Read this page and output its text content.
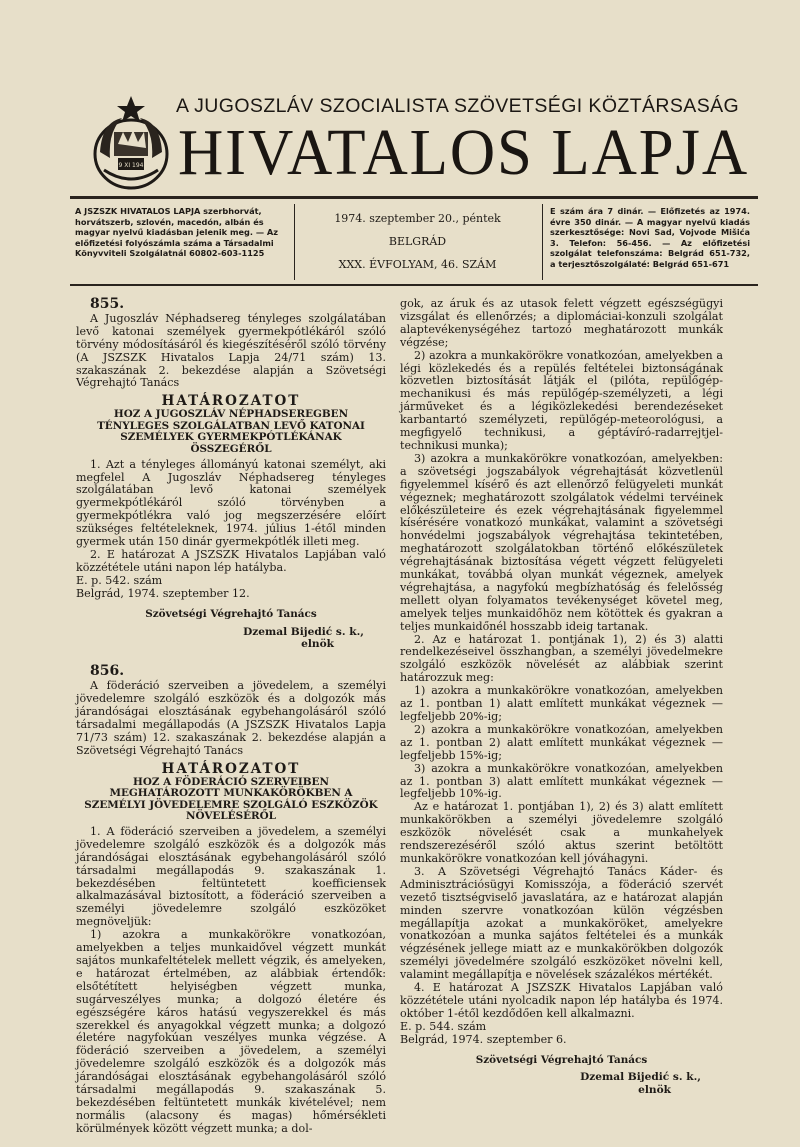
29 XI 1943
A JUGOSZLÁV SZOCIALISTA SZÖVETSÉGI KÖZTÁRSASÁG
HIVATALOS LAPJA
A JSZSZK HIVATALOS LAPJA szerbhorvát, horvátszerb, szlovén, macedón, albán és magyar nyelvű kiadásban jelenik meg. — Az előfizetési folyószámla száma a Társadalmi Könyvviteli Szolgálatnál 60802-603-1125
1974. szeptember 20., péntek
BELGRÁD
XXX. ÉVFOLYAM, 46. SZÁM
E szám ára 7 dinár. — Előfizetés az 1974. évre 350 dinár. — A magyar nyelvű kiadás szerkesztősége: Novi Sad, Vojvode Mišića 3. Telefon: 56-456. — Az előfizetési szolgálat telefonszáma: Belgrád 651-732, a terjesztőszolgálaté: Belgrád 651-671
855.

A Jugoszláv Néphadsereg tényleges szolgálatában levő katonai személyek gyermekpótlékáról szóló törvény módosításáról és kiegészítéséről szóló törvény (A JSZSZK Hivatalos Lapja 24/71 szám) 13. szakaszának 2. bekezdése alapján a Szövetségi Végrehajtó Tanács

HATÁROZATOT
HOZ A JUGOSZLÁV NÉPHADSEREGBEN TÉNYLEGES SZOLGÁLATBAN LEVŐ KATONAI SZEMÉLYEK GYERMEKPÓTLÉKÁNAK ÖSSZEGÉRŐL

1. Azt a tényleges állományú katonai személyt, aki megfelel A Jugoszláv Néphadsereg tényleges szolgálatában levő katonai személyek gyermekpótlékáról szóló törvényben a gyermekpótlékra való jog megszerzésére előírt szükséges feltételeknek, 1974. július 1-étől minden gyermek után 150 dinár gyermekpótlék illeti meg.

2. E határozat A JSZSZK Hivatalos Lapjában való közzététele utáni napon lép hatályba.

E. p. 542. szám

Belgrád, 1974. szeptember 12.

Szövetségi Végrehajtó Tanács
Dzemal Bijedić s. k.,
elnök
856.

A föderáció szerveiben a jövedelem, a személyi jövedelemre szolgáló eszközök és a dolgozók más járandóságai elosztásának egybehangolásáról szóló társadalmi megállapodás (A JSZSZK Hivatalos Lapja 71/73 szám) 12. szakaszának 2. bekezdése alapján a Szövetségi Végrehajtó Tanács

HATÁROZATOT
HOZ A FÖDERÁCIÓ SZERVEIBEN MEGHATÁROZOTT MUNKAKÖRÖKBEN A SZEMÉLYI JÖVEDELEMRE SZOLGÁLÓ ESZKÖZÖK NÖVELÉSÉRŐL

1. A föderáció szerveiben a jövedelem, a személyi jövedelemre szolgáló eszközök és a dolgozók más járandóságai elosztásának egybehangolásáról szóló társadalmi megállapodás 9. szakaszának 1. bekezdésében feltüntetett koefficiensek alkalmazásával biztosított, a föderáció szerveiben a személyi jövedelemre szolgáló eszközöket megnöveljük:

1) azokra a munkakörökre vonatkozóan, amelyekben a teljes munkaidővel végzett munkát sajátos munkafeltételek mellett végzik, és amelyeken, e határozat értelmében, az alábbiak értendők: elsőtétített helyiségben végzett munka, sugárveszélyes munka; a dolgozó életére és egészségére káros hatású vegyszerekkel és más szerekkel és anyagokkal végzett munka; a dolgozó életére nagyfokúan veszélyes munka végzése. A föderáció szerveiben a jövedelem, a személyi jövedelemre szolgáló eszközök és a dolgozók más járandóságai elosztásának egybehangolásáról szóló társadalmi megállapodás 9. szakaszának 5. bekezdésében feltüntetett munkák kivételével; nem normális (alacsony és magas) hőmérsékleti körülmények között végzett munka; a dol-

gok, az áruk és az utasok felett végzett egészségügyi vizsgálat és ellenőrzés; a diplomáciai-konzuli szolgálat alaptevékenységéhez tartozó meghatározott munkák végzése;

2) azokra a munkakörökre vonatkozóan, amelyekben a légi közlekedés és a repülés feltételei biztonságának közvetlen biztosítását látják el (pilóta, repülőgép-mechanikusi és más repülőgép-személyzeti, a légi járműveket és a légiközlekedési berendezéseket karbantartó személyzeti, repülőgép-meteorológusi, a megfigyelő technikusi, a géptávíró-radarrejtjel-technikusi munka);

3) azokra a munkakörökre vonatkozóan, amelyekben: a szövetségi jogszabályok végrehajtását közvetlenül figyelemmel kísérő és azt ellenőrző felügyeleti munkát végeznek; meghatározott szolgálatok védelmi tervéinek előkészületeire és ezek végrehajtásának figyelemmel kísérésére vonatkozó munkákat, valamint a szövetségi honvédelmi jogszabályok végrehajtása tekintetében, meghatározott szolgálatokban történő előkészületek végrehajtásának biztosítása végett végzett felügyeleti munkákat, továbbá olyan munkát végeznek, amelyek végrehajtása, a nagyfokú megbízhatóság és felelősség mellett olyan folyamatos tevékenységet követel meg, amelyek teljes munkaidőhöz nem kötöttek és gyakran a teljes munkaidőnél hosszabb ideig tartanak.

2. Az e határozat 1. pontjának 1), 2) és 3) alatti rendelkezéseivel összhangban, a személyi jövedelmekre szolgáló eszközök növelését az alábbiak szerint határozzuk meg:

1) azokra a munkakörökre vonatkozóan, amelyekben az 1. pontban 1) alatt említett munkákat végeznek — legfeljebb 20%-ig;

2) azokra a munkakörökre vonatkozóan, amelyekben az 1. pontban 2) alatt említett munkákat végeznek — legfeljebb 15%-ig;

3) azokra a munkakörökre vonatkozóan, amelyekben az 1. pontban 3) alatt említett munkákat végeznek — legfeljebb 10%-ig.

Az e határozat 1. pontjában 1), 2) és 3) alatt említett munkakörökben a személyi jövedelemre szolgáló eszközök növelését csak a munkahelyek rendszerezéséről szóló aktus szerint betöltött munkakörökre vonatkozóan kell jóváhagyni.

3. A Szövetségi Végrehajtó Tanács Káder- és Adminisztrációsügyi Komisszója, a föderáció szervét vezető tisztségviselő javaslatára, az e határozat alapján minden szervre vonatkozóan külön végzésben megállapítja azokat a munkaköröket, amelyekre vonatkozóan a munka sajátos feltételei és a munkák végzésének jellege miatt az e munkakörökben dolgozók személyi jövedelmére szolgáló eszközöket növelni kell, valamint megállapítja e növelések százalékos mértékét.

4. E határozat A JSZSZK Hivatalos Lapjában való közzététele utáni nyolcadik napon lép hatályba és 1974. október 1-étől kezdődően kell alkalmazni.

E. p. 544. szám

Belgrád, 1974. szeptember 6.

Szövetségi Végrehajtó Tanács
Dzemal Bijedić s. k.,
elnök
